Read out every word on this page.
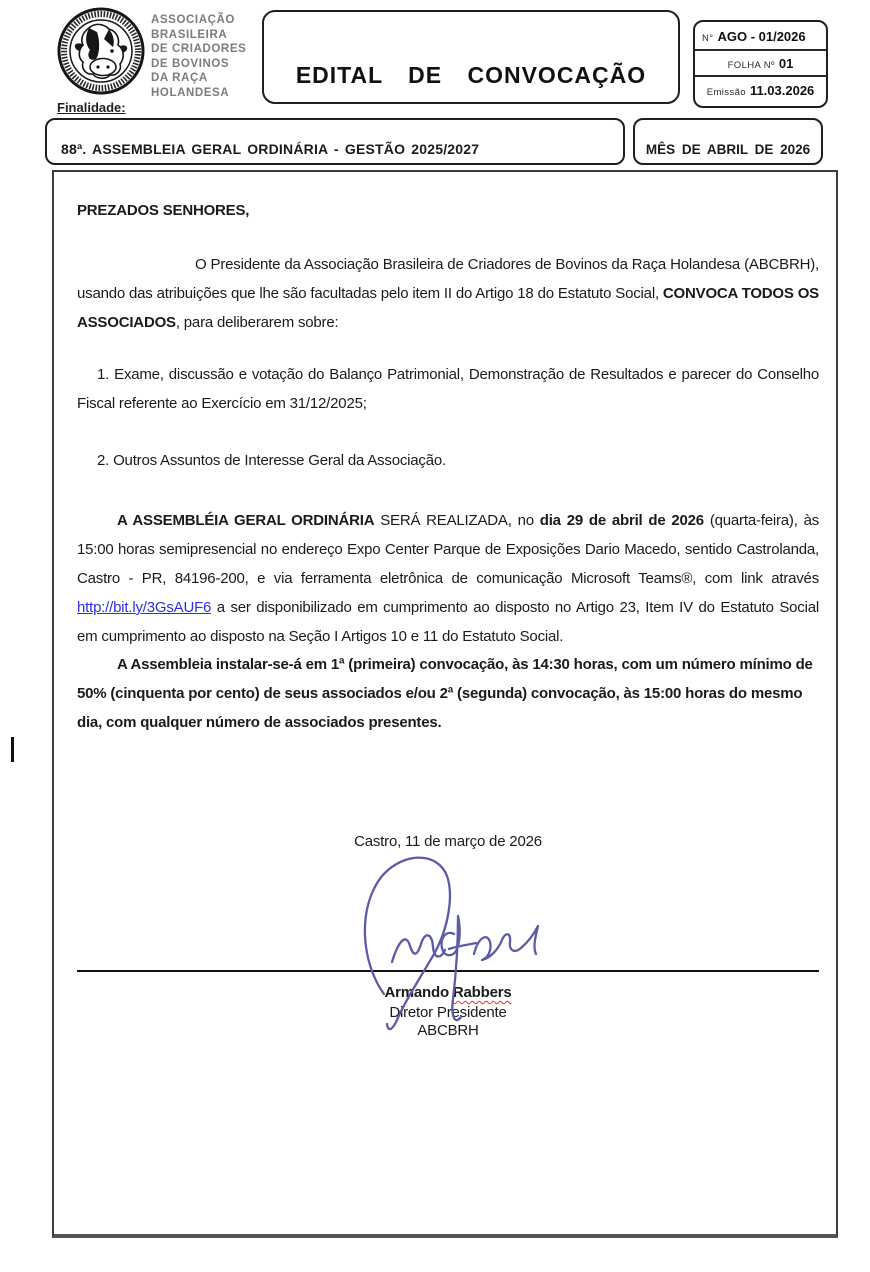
ASSOCIAÇÃO
BRASILEIRA
DE CRIADORES
DE BOVINOS
DA RAÇA
HOLANDESA
EDITAL DE CONVOCAÇÃO
N° AGO - 01/2026
FOLHA Nº 01
Emissão 11.03.2026
Finalidade:
88ª. ASSEMBLEIA GERAL ORDINÁRIA - GESTÃO 2025/2027	MÊS DE ABRIL DE 2026
PREZADOS SENHORES,
O Presidente da Associação Brasileira de Criadores de Bovinos da Raça Holandesa (ABCBRH), usando das atribuições que lhe são facultadas pelo item II do Artigo 18 do Estatuto Social, CONVOCA TODOS OS ASSOCIADOS, para deliberarem sobre:
1. Exame, discussão e votação do Balanço Patrimonial, Demonstração de Resultados e parecer do Conselho Fiscal referente ao Exercício em 31/12/2025;
2. Outros Assuntos de Interesse Geral da Associação.
A ASSEMBLÉIA GERAL ORDINÁRIA SERÁ REALIZADA, no dia 29 de abril de 2026 (quarta-feira), às 15:00 horas semipresencial no endereço Expo Center Parque de Exposições Dario Macedo, sentido Castrolanda, Castro - PR, 84196-200, e via ferramenta eletrônica de comunicação Microsoft Teams®, com link através http://bit.ly/3GsAUF6 a ser disponibilizado em cumprimento ao disposto no Artigo 23, Item IV do Estatuto Social em cumprimento ao disposto na Seção I Artigos 10 e 11 do Estatuto Social.
A Assembleia instalar-se-á em 1ª (primeira) convocação, às 14:30 horas, com um número mínimo de 50% (cinquenta por cento) de seus associados e/ou 2ª (segunda) convocação, às 15:00 horas do mesmo dia, com qualquer número de associados presentes.
Castro, 11 de março de 2026
Armando Rabbers
Diretor Presidente
ABCBRH
